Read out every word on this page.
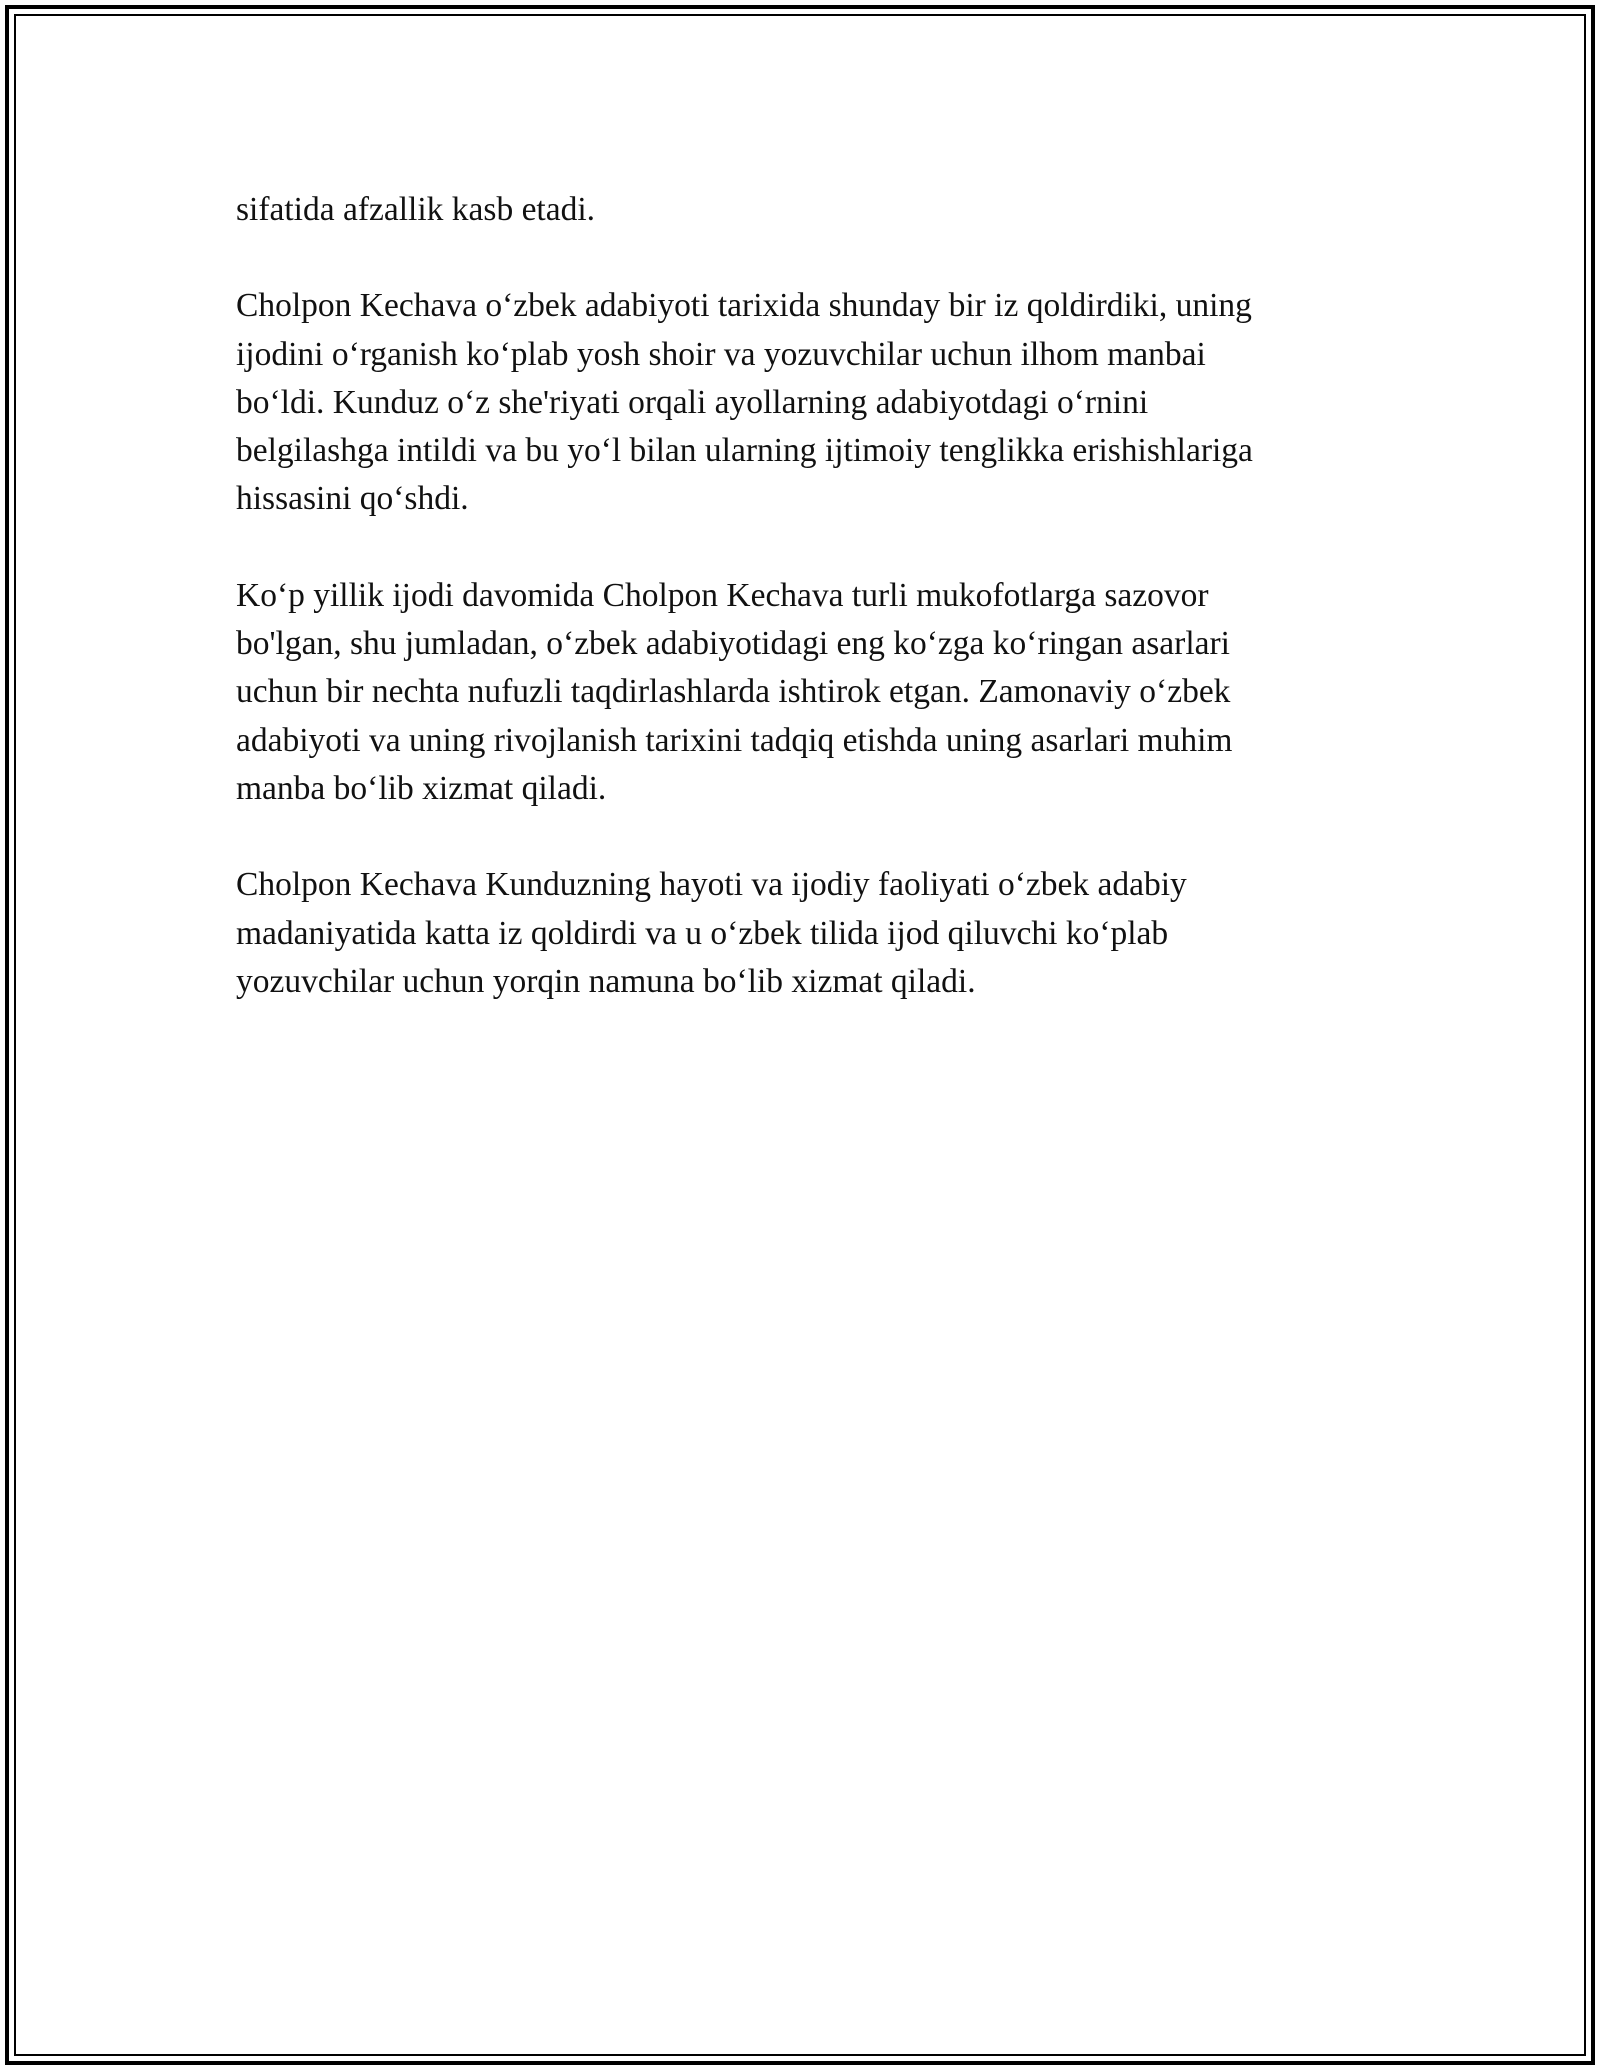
sifatida afzallik kasb etadi.

Cholpon Kechava o‘zbek adabiyoti tarixida shunday bir iz qoldirdiki, uning
ijodini o‘rganish ko‘plab yosh shoir va yozuvchilar uchun ilhom manbai
bo‘ldi. Kunduz o‘z she'riyati orqali ayollarning adabiyotdagi o‘rnini
belgilashga intildi va bu yo‘l bilan ularning ijtimoiy tenglikka erishishlariga
hissasini qo‘shdi.

Ko‘p yillik ijodi davomida Cholpon Kechava turli mukofotlarga sazovor
bo'lgan, shu jumladan, o‘zbek adabiyotidagi eng ko‘zga ko‘ringan asarlari
uchun bir nechta nufuzli taqdirlashlarda ishtirok etgan. Zamonaviy o‘zbek
adabiyoti va uning rivojlanish tarixini tadqiq etishda uning asarlari muhim
manba bo‘lib xizmat qiladi.

Cholpon Kechava Kunduzning hayoti va ijodiy faoliyati o‘zbek adabiy
madaniyatida katta iz qoldirdi va u o‘zbek tilida ijod qiluvchi ko‘plab
yozuvchilar uchun yorqin namuna bo‘lib xizmat qiladi.
